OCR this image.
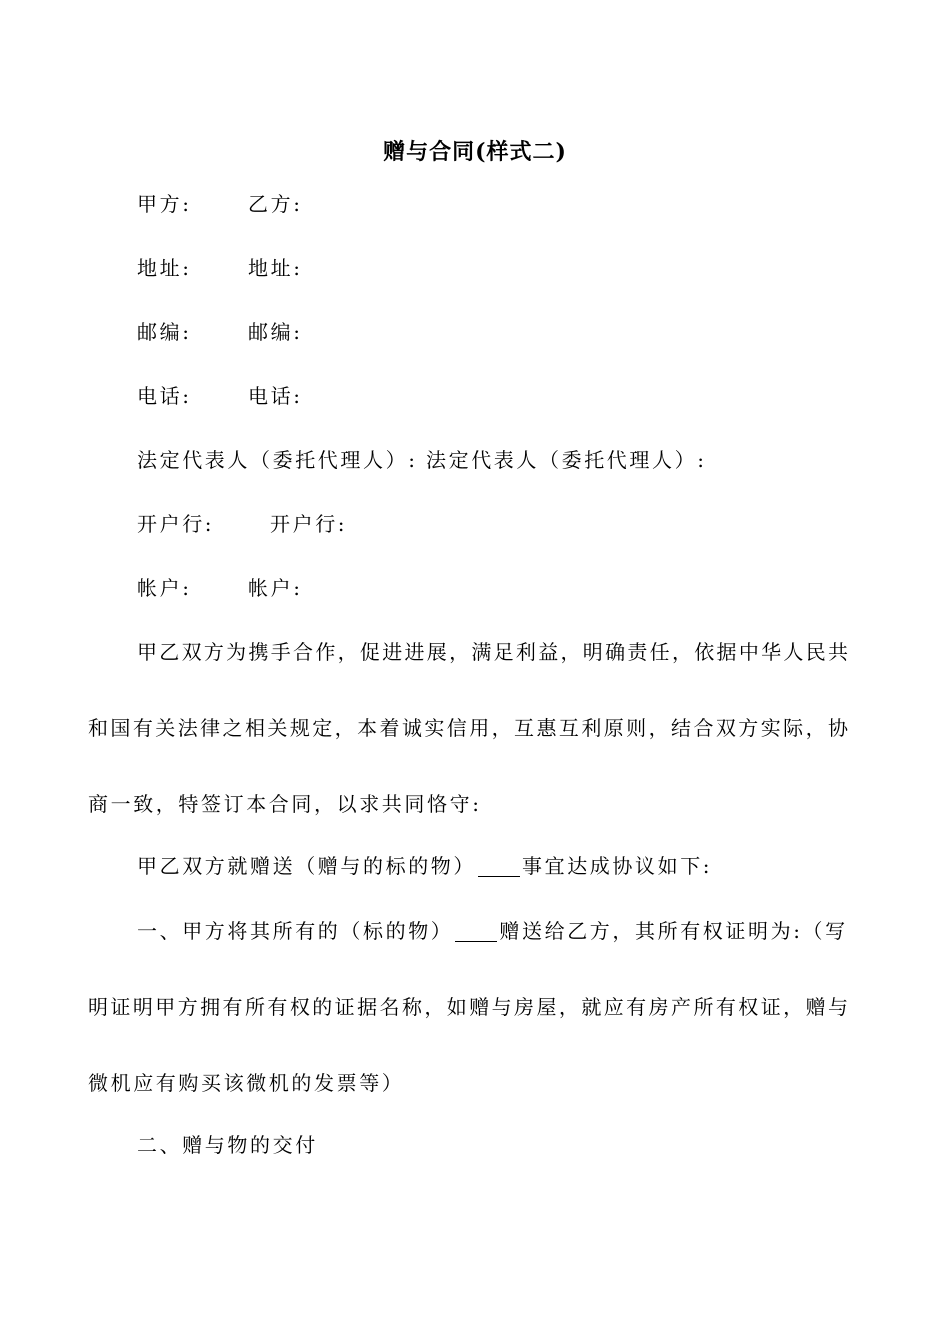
赠与合同(样式二)
甲方:	乙方:
地址:	地址:
邮编:	邮编:
电话:	电话:
法定代表人（委托代理人）: 法定代表人（委托代理人）:
开户行:	开户行:
帐户:	帐户:
甲乙双方为携手合作，促进进展，满足利益，明确责任，依据中华人民共
和国有关法律之相关规定，本着诚实信用，互惠互利原则，结合双方实际，协
商一致，特签订本合同，以求共同恪守:
甲乙双方就赠送（赠与的标的物） 事宜达成协议如下:
一、甲方将其所有的（标的物） 赠送给乙方，其所有权证明为:（写
明证明甲方拥有所有权的证据名称，如赠与房屋，就应有房产所有权证，赠与
微机应有购买该微机的发票等）
二、赠与物的交付
